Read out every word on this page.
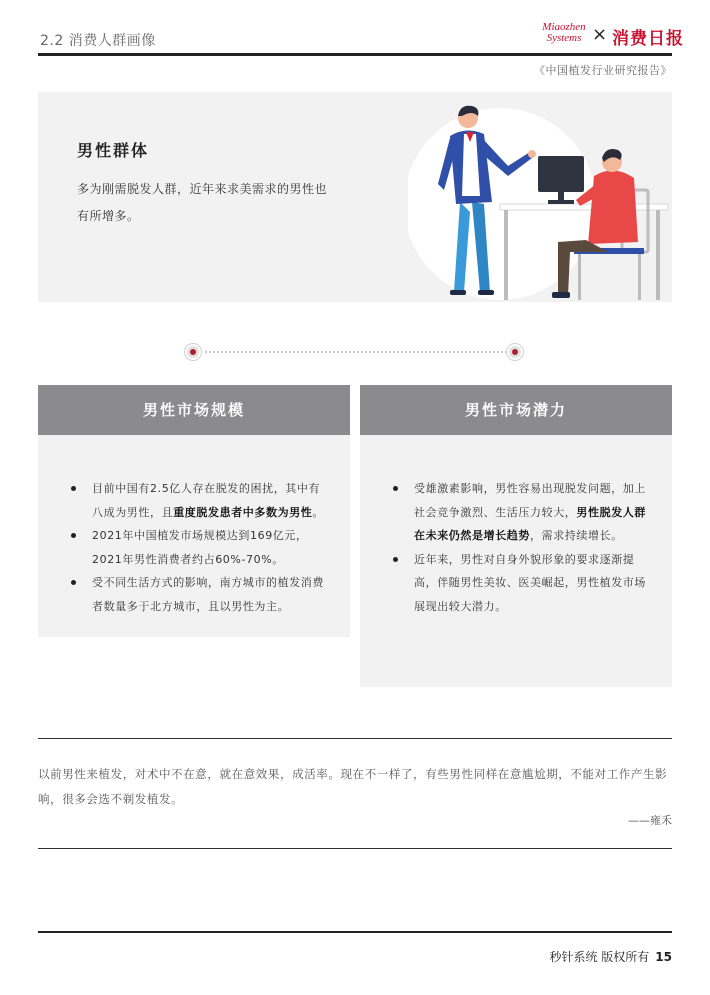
2.2 消费人群画像
Miaozhen
Systems × 消费日报
《中国植发行业研究报告》
男性群体
多为刚需脱发人群，近年来求美需求的男性也有所增多。
男性市场规模
目前中国有2.5亿人存在脱发的困扰，其中有八成为男性，且重度脱发患者中多数为男性。
2021年中国植发市场规模达到169亿元，2021年男性消费者约占60%-70%。
受不同生活方式的影响，南方城市的植发消费者数量多于北方城市，且以男性为主。
男性市场潜力
受雄激素影响，男性容易出现脱发问题，加上社会竞争激烈、生活压力较大，男性脱发人群在未来仍然是增长趋势，需求持续增长。
近年来，男性对自身外貌形象的要求逐渐提高，伴随男性美妆、医美崛起，男性植发市场展现出较大潜力。
以前男性来植发，对术中不在意，就在意效果，成活率。现在不一样了，有些男性同样在意尴尬期，不能对工作产生影响，很多会选不剃发植发。
——雍禾
秒针系统 版权所有 15
